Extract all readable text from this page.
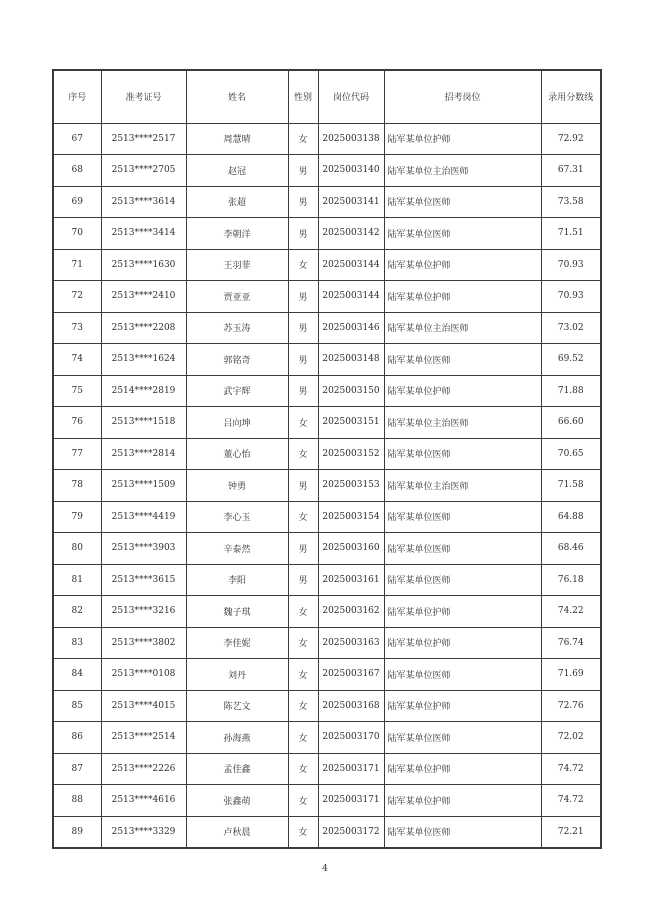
序号	准考证号	姓名	性别	岗位代码	招考岗位	录用分数线
67	2513****2517	周慧晴	女	2025003138	陆军某单位护师	72.92
68	2513****2705	赵冠	男	2025003140	陆军某单位主治医师	67.31
69	2513****3614	张超	男	2025003141	陆军某单位医师	73.58
70	2513****3414	李朝洋	男	2025003142	陆军某单位医师	71.51
71	2513****1630	王羽菲	女	2025003144	陆军某单位护师	70.93
72	2513****2410	贾亚亚	男	2025003144	陆军某单位护师	70.93
73	2513****2208	苏玉涛	男	2025003146	陆军某单位主治医师	73.02
74	2513****1624	郭铭奇	男	2025003148	陆军某单位医师	69.52
75	2514****2819	武宇辉	男	2025003150	陆军某单位护师	71.88
76	2513****1518	吕向坤	女	2025003151	陆军某单位主治医师	66.60
77	2513****2814	董心怡	女	2025003152	陆军某单位医师	70.65
78	2513****1509	钟勇	男	2025003153	陆军某单位主治医师	71.58
79	2513****4419	李心玉	女	2025003154	陆军某单位医师	64.88
80	2513****3903	辛泰然	男	2025003160	陆军某单位医师	68.46
81	2513****3615	李阳	男	2025003161	陆军某单位医师	76.18
82	2513****3216	魏子琪	女	2025003162	陆军某单位护师	74.22
83	2513****3802	李佳妮	女	2025003163	陆军某单位护师	76.74
84	2513****0108	刘丹	女	2025003167	陆军某单位医师	71.69
85	2513****4015	陈艺文	女	2025003168	陆军某单位护师	72.76
86	2513****2514	孙海燕	女	2025003170	陆军某单位医师	72.02
87	2513****2226	孟佳鑫	女	2025003171	陆军某单位护师	74.72
88	2513****4616	张鑫萌	女	2025003171	陆军某单位护师	74.72
89	2513****3329	卢秋晨	女	2025003172	陆军某单位医师	72.21
4
